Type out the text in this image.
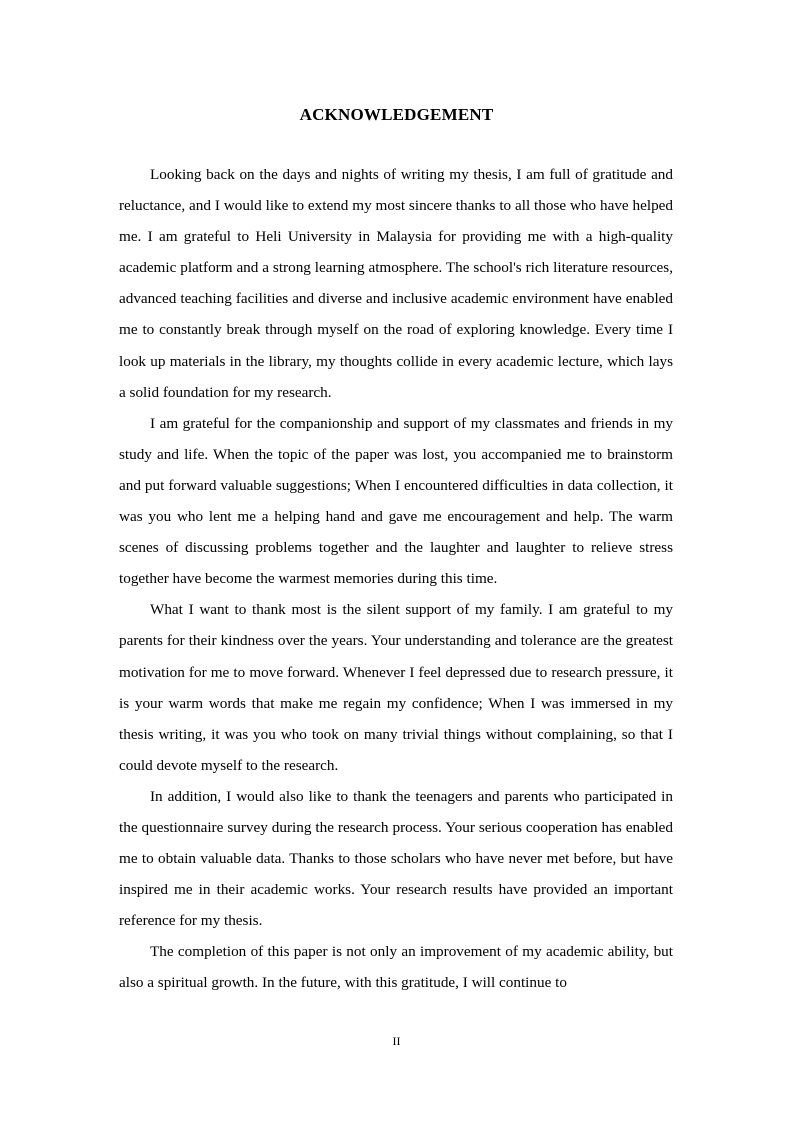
ACKNOWLEDGEMENT

Looking back on the days and nights of writing my thesis, I am full of gratitude and reluctance, and I would like to extend my most sincere thanks to all those who have helped me. I am grateful to Heli University in Malaysia for providing me with a high-quality academic platform and a strong learning atmosphere. The school's rich literature resources, advanced teaching facilities and diverse and inclusive academic environment have enabled me to constantly break through myself on the road of exploring knowledge. Every time I look up materials in the library, my thoughts collide in every academic lecture, which lays a solid foundation for my research.

I am grateful for the companionship and support of my classmates and friends in my study and life. When the topic of the paper was lost, you accompanied me to brainstorm and put forward valuable suggestions; When I encountered difficulties in data collection, it was you who lent me a helping hand and gave me encouragement and help. The warm scenes of discussing problems together and the laughter and laughter to relieve stress together have become the warmest memories during this time.

What I want to thank most is the silent support of my family. I am grateful to my parents for their kindness over the years. Your understanding and tolerance are the greatest motivation for me to move forward. Whenever I feel depressed due to research pressure, it is your warm words that make me regain my confidence; When I was immersed in my thesis writing, it was you who took on many trivial things without complaining, so that I could devote myself to the research.

In addition, I would also like to thank the teenagers and parents who participated in the questionnaire survey during the research process. Your serious cooperation has enabled me to obtain valuable data. Thanks to those scholars who have never met before, but have inspired me in their academic works. Your research results have provided an important reference for my thesis.

The completion of this paper is not only an improvement of my academic ability, but also a spiritual growth. In the future, with this gratitude, I will continue to

II
